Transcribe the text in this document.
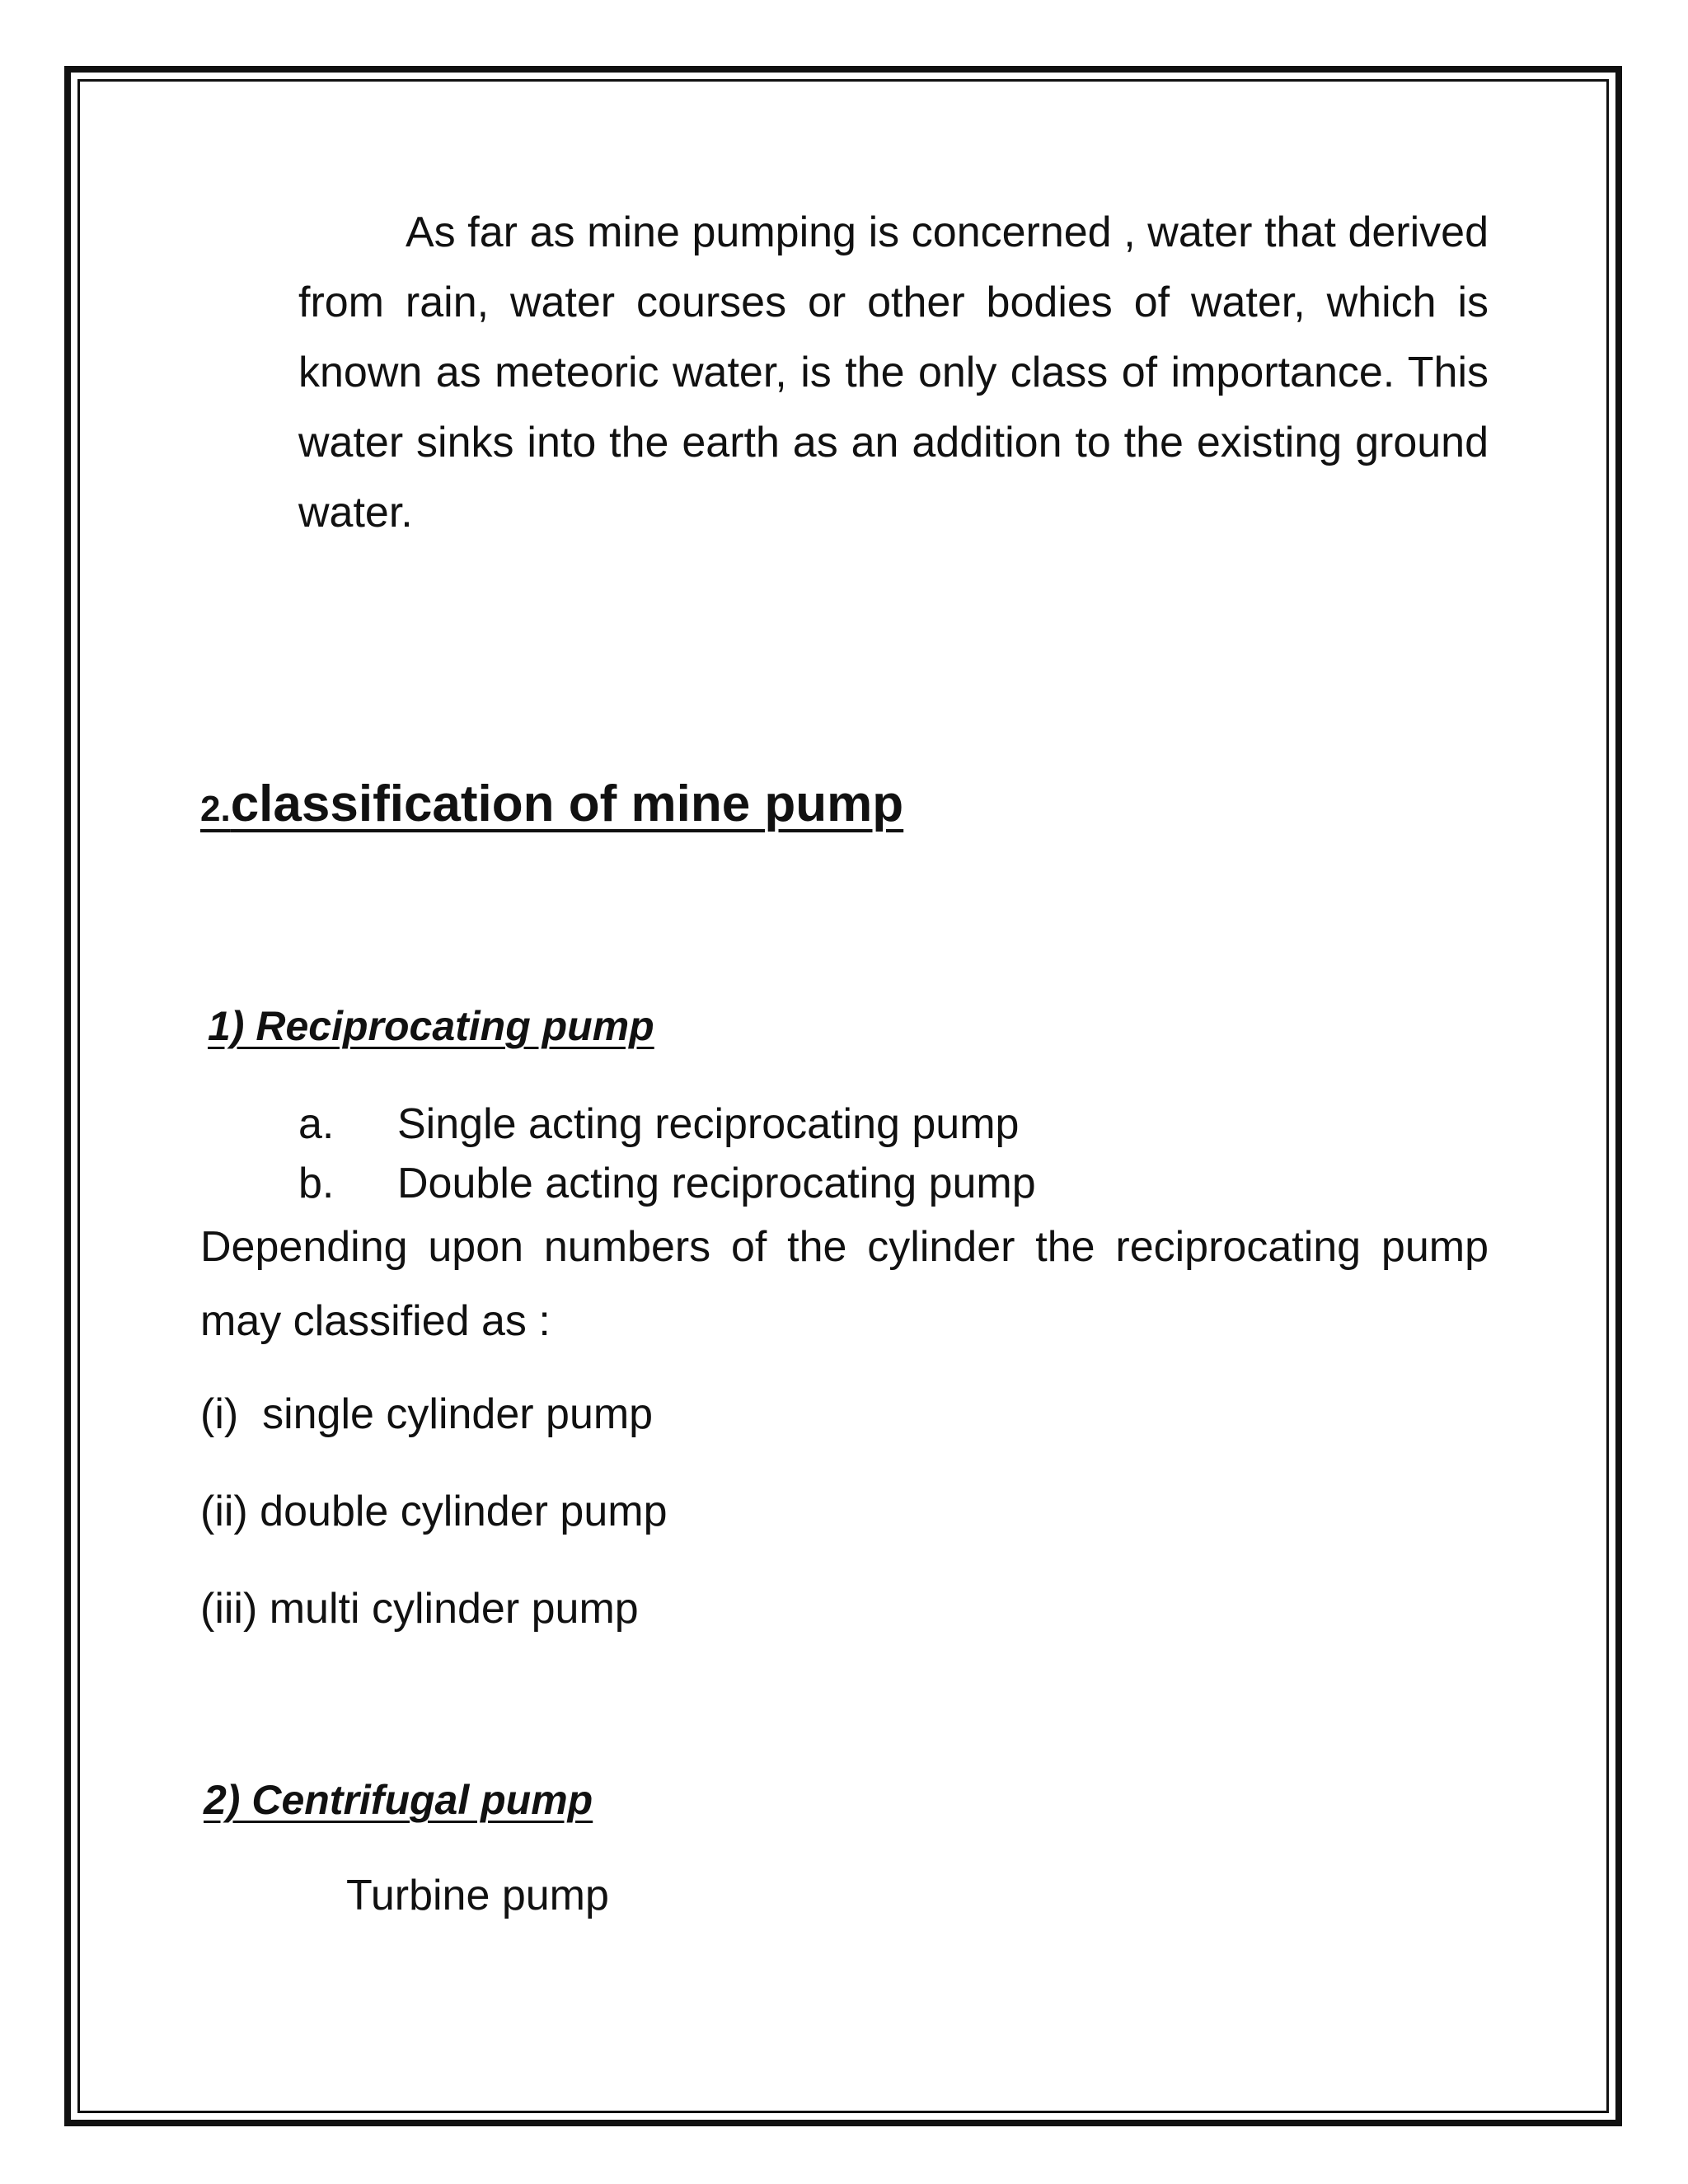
As far as mine pumping is concerned , water that derived from rain, water courses or other bodies of water, which is known as meteoric water, is the only class of importance. This water sinks into the earth as an addition to the existing ground water.

2.classification of mine pump
1) Reciprocating pump

a. Single acting reciprocating pump

b. Double acting reciprocating pump

Depending upon numbers of the cylinder the reciprocating pump may classified as :

(i)  single cylinder pump

(ii) double cylinder pump

(iii) multi cylinder pump

2) Centrifugal pump

Turbine pump
